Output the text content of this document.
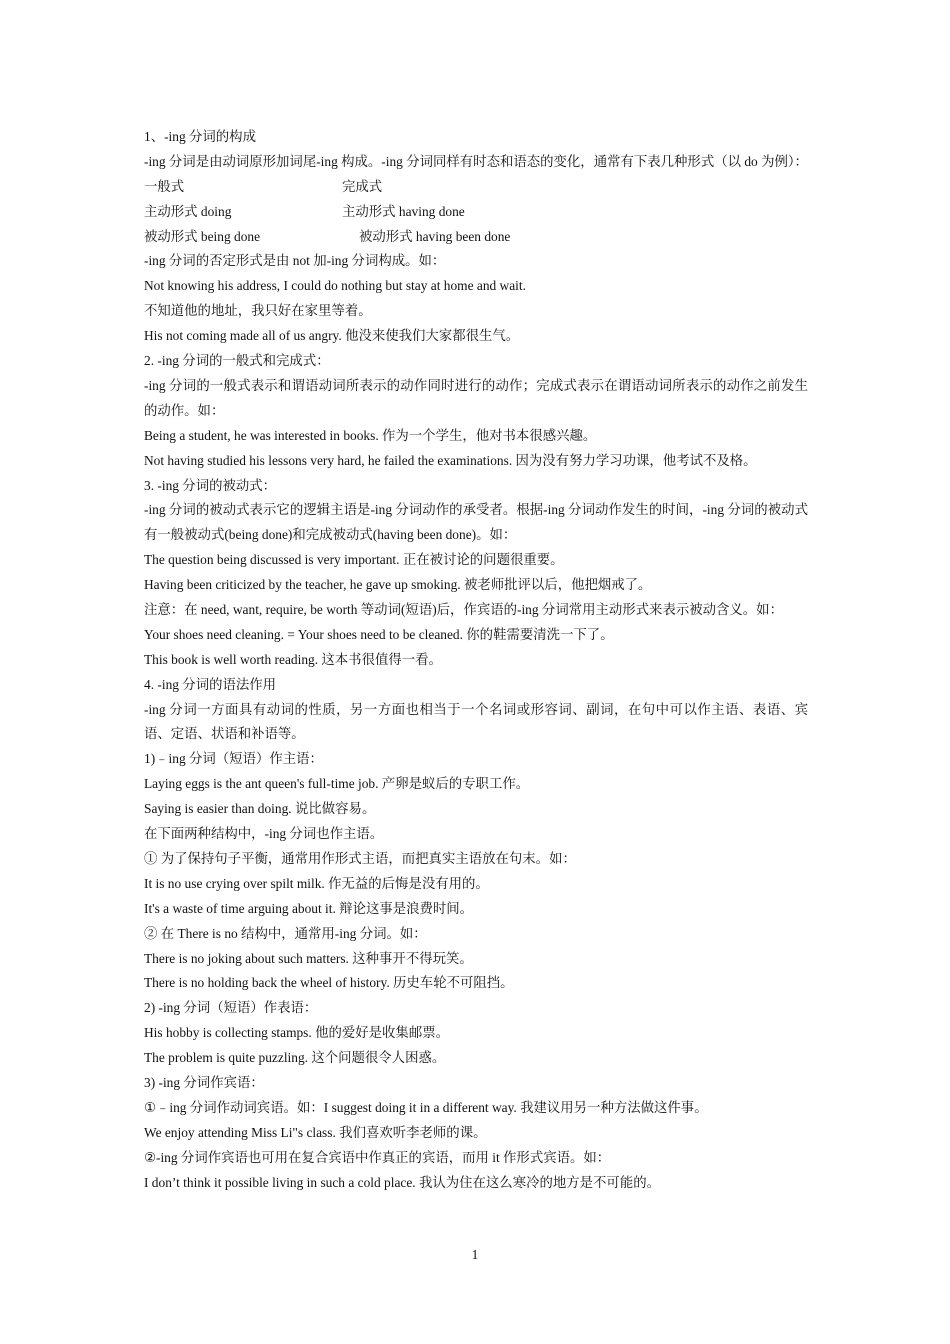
1、-ing 分词的构成
-ing 分词是由动词原形加词尾-ing 构成。-ing 分词同样有时态和语态的变化，通常有下表几种形式（以 do 为例）：
一般式	完成式
主动形式 doing	主动形式 having done
被动形式 being done	被动形式 having been done
-ing 分词的否定形式是由 not 加-ing 分词构成。如：
Not knowing his address, I could do nothing but stay at home and wait.
不知道他的地址，我只好在家里等着。
His not coming made all of us angry. 他没来使我们大家都很生气。
2. -ing 分词的一般式和完成式：
-ing 分词的一般式表示和谓语动词所表示的动作同时进行的动作；完成式表示在谓语动词所表示的动作之前发生的动作。如：
Being a student, he was interested in books. 作为一个学生，他对书本很感兴趣。
Not having studied his lessons very hard, he failed the examinations. 因为没有努力学习功课，他考试不及格。
3. -ing 分词的被动式：
-ing 分词的被动式表示它的逻辑主语是-ing 分词动作的承受者。根据-ing 分词动作发生的时间，-ing 分词的被动式有一般被动式(being done)和完成被动式(having been done)。如：
The question being discussed is very important. 正在被讨论的问题很重要。
Having been criticized by the teacher, he gave up smoking. 被老师批评以后，他把烟戒了。
注意：在 need, want, require, be worth 等动词(短语)后，作宾语的-ing 分词常用主动形式来表示被动含义。如：
Your shoes need cleaning. = Your shoes need to be cleaned. 你的鞋需要清洗一下了。
This book is well worth reading. 这本书很值得一看。
4. -ing 分词的语法作用
-ing 分词一方面具有动词的性质，另一方面也相当于一个名词或形容词、副词，在句中可以作主语、表语、宾语、定语、状语和补语等。
1)﹣ing 分词（短语）作主语：
Laying eggs is the ant queen's full-time job. 产卵是蚁后的专职工作。
Saying is easier than doing. 说比做容易。
在下面两种结构中，-ing 分词也作主语。
① 为了保持句子平衡，通常用作形式主语，而把真实主语放在句末。如：
It is no use crying over spilt milk. 作无益的后悔是没有用的。
It's a waste of time arguing about it. 辩论这事是浪费时间。
② 在 There is no 结构中，通常用-ing 分词。如：
There is no joking about such matters. 这种事开不得玩笑。
There is no holding back the wheel of history. 历史车轮不可阻挡。
2) -ing 分词（短语）作表语：
His hobby is collecting stamps. 他的爱好是收集邮票。
The problem is quite puzzling. 这个问题很令人困惑。
3) -ing 分词作宾语：
①﹣ing 分词作动词宾语。如：I suggest doing it in a different way. 我建议用另一种方法做这件事。
We enjoy attending Miss Li"s class. 我们喜欢听李老师的课。
②-ing 分词作宾语也可用在复合宾语中作真正的宾语，而用 it 作形式宾语。如：
I don’t think it possible living in such a cold place. 我认为住在这么寒冷的地方是不可能的。
1
